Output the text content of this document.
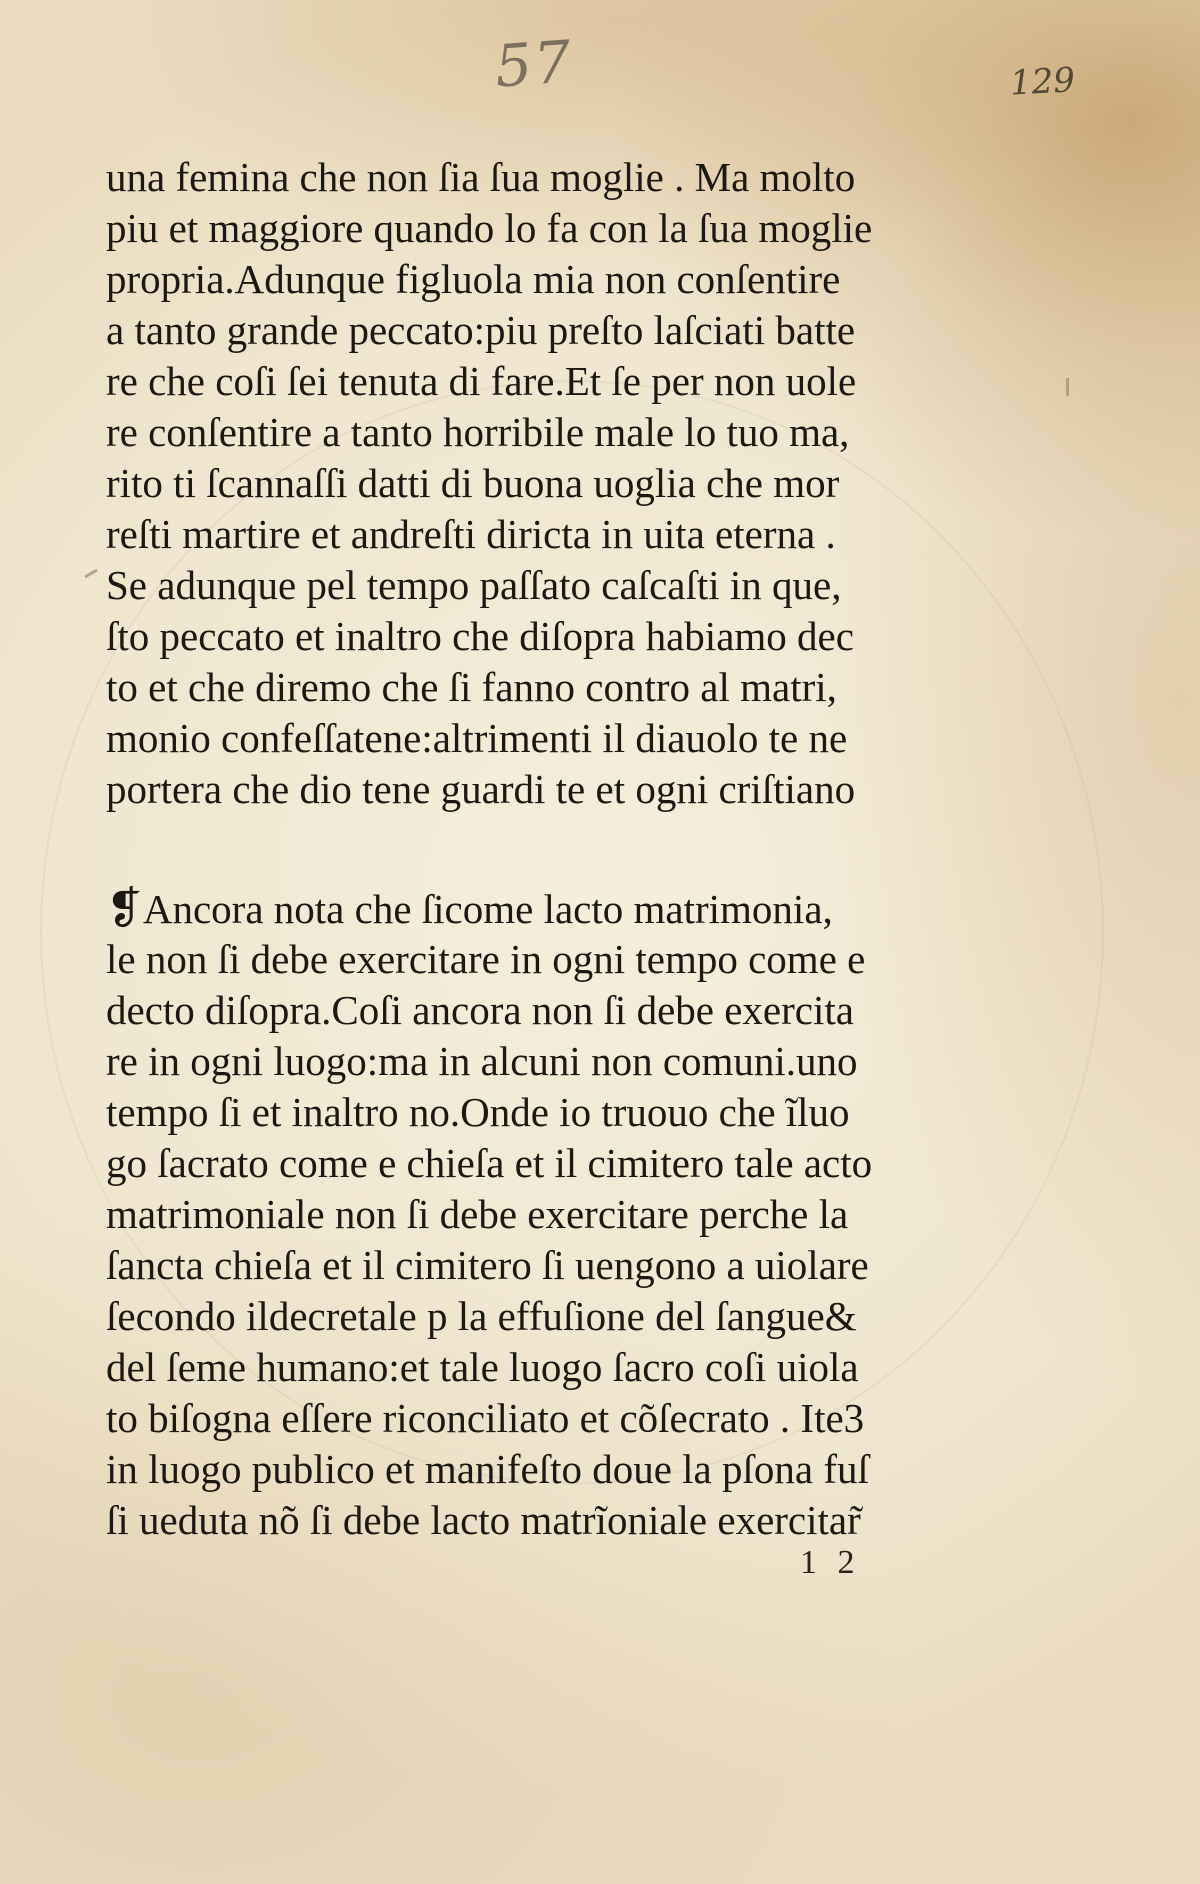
57	129
una femina che non ſia ſua moglie . Ma molto
piu et maggiore quando lo fa con la ſua moglie
propria.Adunque figluola mia non conſentire
a tanto grande peccato:piu preſto laſciati batte
re che coſi ſei tenuta di fare.Et ſe per non uole
re conſentire a tanto horribile male lo tuo ma,
rito ti ſcannaſſi datti di buona uoglia che mor
reſti martire et andreſti diricta in uita eterna .
Se adunque pel tempo paſſato caſcaſti in que,
ſto peccato et inaltro che diſopra habiamo dec
to et che diremo che ſi fanno contro al matri,
monio confeſſatene:altrimenti il diauolo te ne
portera che dio tene guardi te et ogni criſtiano
❡Ancora nota che ſicome lacto matrimonia,
le non ſi debe exercitare in ogni tempo come e
decto diſopra.Coſi ancora non ſi debe exercita
re in ogni luogo:ma in alcuni non comuni.uno
tempo ſi et inaltro no.Onde io truouo che ĩluo
go ſacrato come e chieſa et il cimitero tale acto
matrimoniale non ſi debe exercitare perche la
ſancta chieſa et il cimitero ſi uengono a uiolare
ſecondo ildecretale p la effuſione del ſangue&
del ſeme humano:et tale luogo ſacro coſi uiola
to biſogna eſſere riconciliato et cõſecrato . Ite3
in luogo publico et manifeſto doue la pſona fuſ
ſi ueduta nõ ſi debe lacto matrĩoniale exercitar̃
1 2
